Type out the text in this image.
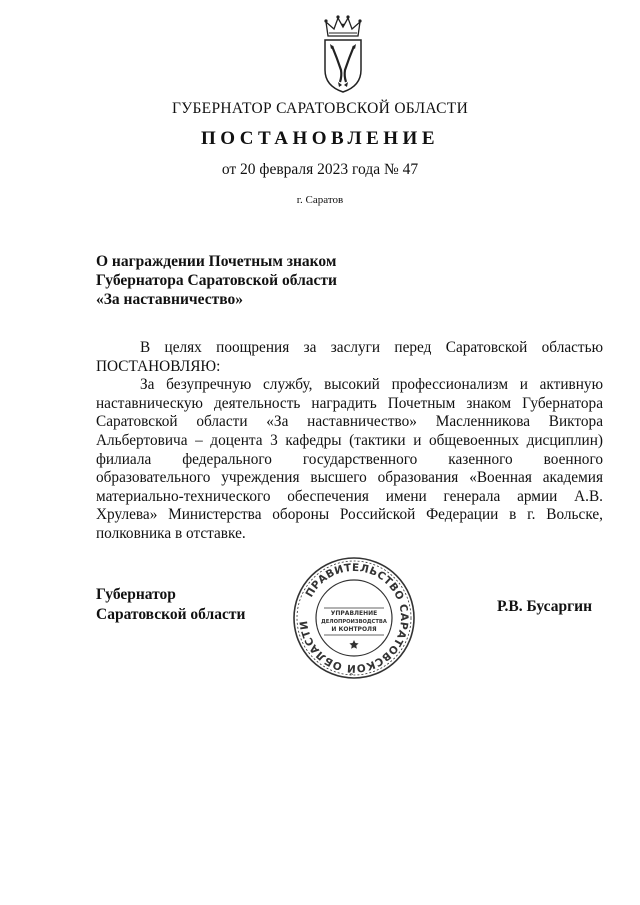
ГУБЕРНАТОР САРАТОВСКОЙ ОБЛАСТИ
ПОСТАНОВЛЕНИЕ
от 20 февраля 2023 года № 47
г. Саратов
О награждении Почетным знаком
Губернатора Саратовской области
«За наставничество»

В целях поощрения за заслуги перед Саратовской областью

ПОСТАНОВЛЯЮ:

За безупречную службу, высокий профессионализм и активную наставническую деятельность наградить Почетным знаком Губернатора Саратовской области «За наставничество» Масленникова Виктора Альбертовича – доцента 3 кафедры (тактики и общевоенных дисциплин) филиала федерального государственного казенного военного образовательного учреждения высшего образования «Военная академия материально-технического обеспечения имени генерала армии А.В. Хрулева» Министерства обороны Российской Федерации в г. Вольске, полковника в отставке.

Губернатор
Саратовской области
ПРАВИТЕЛЬСТВО САРАТОВСКОЙ ОБЛАСТИ
УПРАВЛЕНИЕ
ДЕЛОПРОИЗВОДСТВА
И КОНТРОЛЯ
Р.В. Бусаргин
